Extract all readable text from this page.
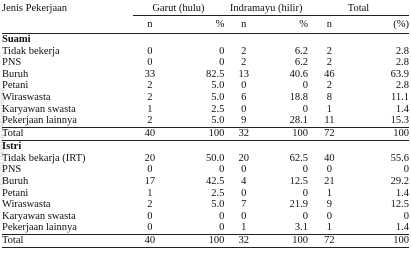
Hak Cipta Dilindungi Undang-Undang
Jenis Pekerjaan	Garut (hulu)		Indramayu (hilir)		Total	
	n	%	n	%	n	(%)
Suami						
Tidak bekerja	0	0	2	6.2	2	2.8
PNS	0	0	2	6.2	2	2.8
Buruh	33	82.5	13	40.6	46	63.9
Petani	2	5.0	0	0	2	2.8
Wiraswasta	2	5.0	6	18.8	8	11.1
Karyawan swasta	1	2.5	0	0	1	1.4
Pekerjaan lainnya	2	5.0	9	28.1	11	15.3
Total	40	100	32	100	72	100
Istri						
Tidak bekarja (IRT)	20	50.0	20	62.5	40	55.6
PNS	0	0	0	0	0	0
Buruh	17	42.5	4	12.5	21	29.2
Petani	1	2.5	0	0	1	1.4
Wiraswasta	2	5.0	7	21.9	9	12.5
Karyawan swasta	0	0	0	0	0	0
Pekerjaan lainnya	0	0	1	3.1	1	1.4
Total	40	100	32	100	72	100
